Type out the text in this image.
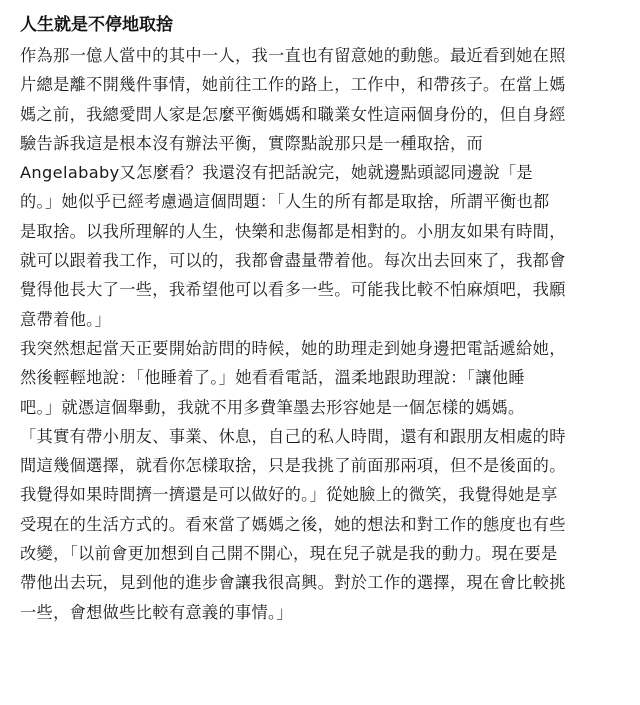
人生就是不停地取捨
作為那一億人當中的其中一人，我一直也有留意她的動態。最近看到她在照
片總是離不開幾件事情，她前往工作的路上，工作中，和帶孩子。在當上媽
媽之前，我總愛問人家是怎麼平衡媽媽和職業女性這兩個身份的，但自身經
驗告訴我這是根本沒有辦法平衡，實際點說那只是一種取捨，而
Angelababy又怎麼看？我還沒有把話說完，她就邊點頭認同邊說「是
的。」她似乎已經考慮過這個問題：「人生的所有都是取捨，所謂平衡也都
是取捨。以我所理解的人生，快樂和悲傷都是相對的。小朋友如果有時間，
就可以跟着我工作，可以的，我都會盡量帶着他。每次出去回來了，我都會
覺得他長大了一些，我希望他可以看多一些。可能我比較不怕麻煩吧，我願
意帶着他。」
我突然想起當天正要開始訪問的時候，她的助理走到她身邊把電話遞給她，
然後輕輕地說：「他睡着了。」她看看電話，溫柔地跟助理說：「讓他睡
吧。」就憑這個舉動，我就不用多費筆墨去形容她是一個怎樣的媽媽。
「其實有帶小朋友、事業、休息，自己的私人時間，還有和跟朋友相處的時
間這幾個選擇，就看你怎樣取捨，只是我挑了前面那兩項，但不是後面的。
我覺得如果時間擠一擠還是可以做好的。」從她臉上的微笑，我覺得她是享
受現在的生活方式的。看來當了媽媽之後，她的想法和對工作的態度也有些
改變，「以前會更加想到自己開不開心，現在兒子就是我的動力。現在要是
帶他出去玩，見到他的進步會讓我很高興。對於工作的選擇，現在會比較挑
一些，會想做些比較有意義的事情。」
